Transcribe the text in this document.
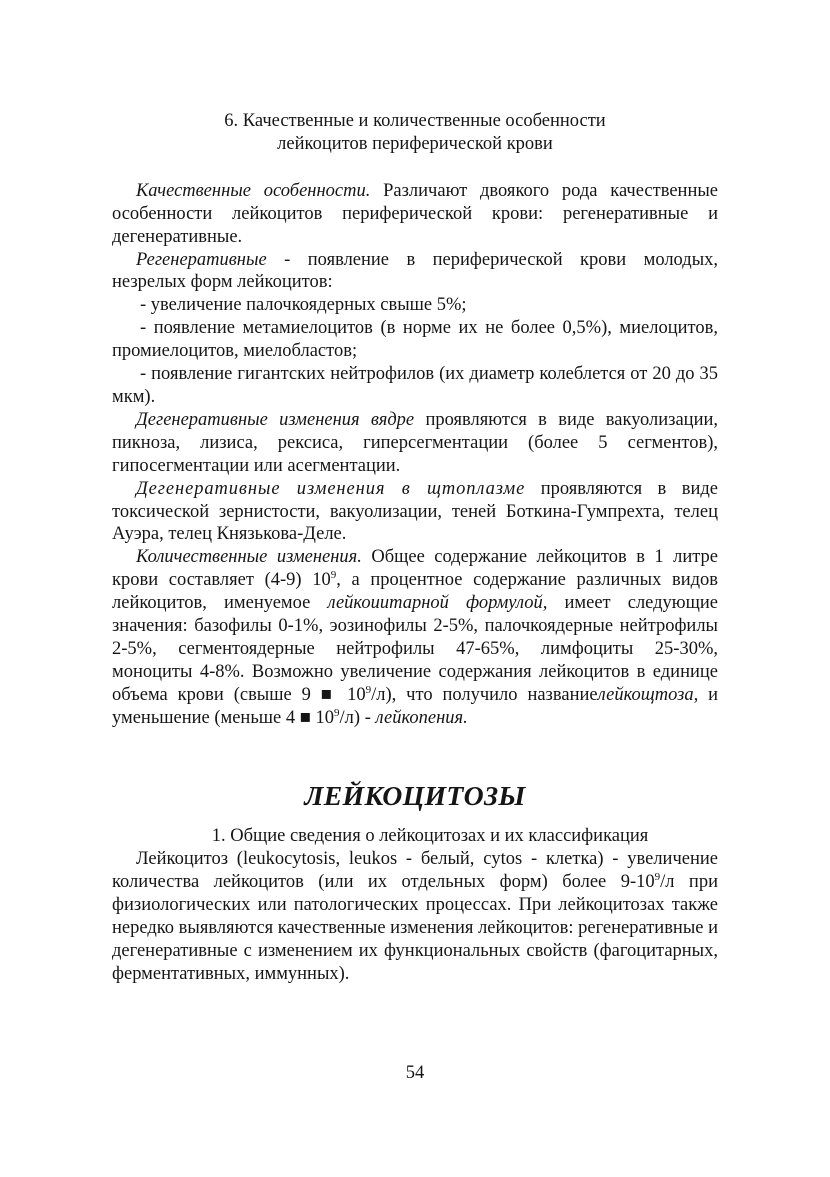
6. Качественные и количественные особенности
лейкоцитов периферической крови

Качественные особенности. Различают двоякого рода качественные особенности лейкоцитов периферической крови: регенеративные и дегенеративные.

Регенеративные - появление в периферической крови молодых, незрелых форм лейкоцитов:

- увеличение палочкоядерных свыше 5%;

- появление метамиелоцитов (в норме их не более 0,5%), миелоцитов, промиелоцитов, миелобластов;

- появление гигантских нейтрофилов (их диаметр колеблется от 20 до 35 мкм).

Дегенеративные изменения вядре проявляются в виде вакуолизации, пикноза, лизиса, рексиса, гиперсегментации (более 5 сегментов), гипосегментации или асегментации.

Дегенеративные изменения в щтоплазме проявляются в виде токсической зернистости, вакуолизации, теней Боткина-Гумпрехта, телец Ауэра, телец Князькова-Деле.

Количественные изменения. Общее содержание лейкоцитов в 1 литре крови составляет (4-9) $10^9$, а процентное содержание различных видов лейкоцитов, именуемое лейкоиитарной формулой, имеет следующие значения: базофилы 0-1%, эозинофилы 2-5%, палочкоядерные нейтрофилы 2-5%, сегментоядерные нейтрофилы 47-65%, лимфоциты 25-30%, моноциты 4-8%. Возможно увеличение содержания лейкоцитов в единице объема крови (свыше 9 ■ $10^9/л$), что получило названиелейкощтоза, и уменьшение (меньше 4 ■ $10^9/л$) - лейкопения.

ЛЕЙКОЦИТОЗЫ

1. Общие сведения о лейкоцитозах и их классификация

Лейкоцитоз (leukocytosis, leukos - белый, cytos - клетка) - увеличение количества лейкоцитов (или их отдельных форм) более $9-10^9/л$ при физиологических или патологических процессах. При лейкоцитозах также нередко выявляются качественные изменения лейкоцитов: регенеративные и дегенеративные с изменением их функциональных свойств (фагоцитарных, ферментативных, иммунных).

54
